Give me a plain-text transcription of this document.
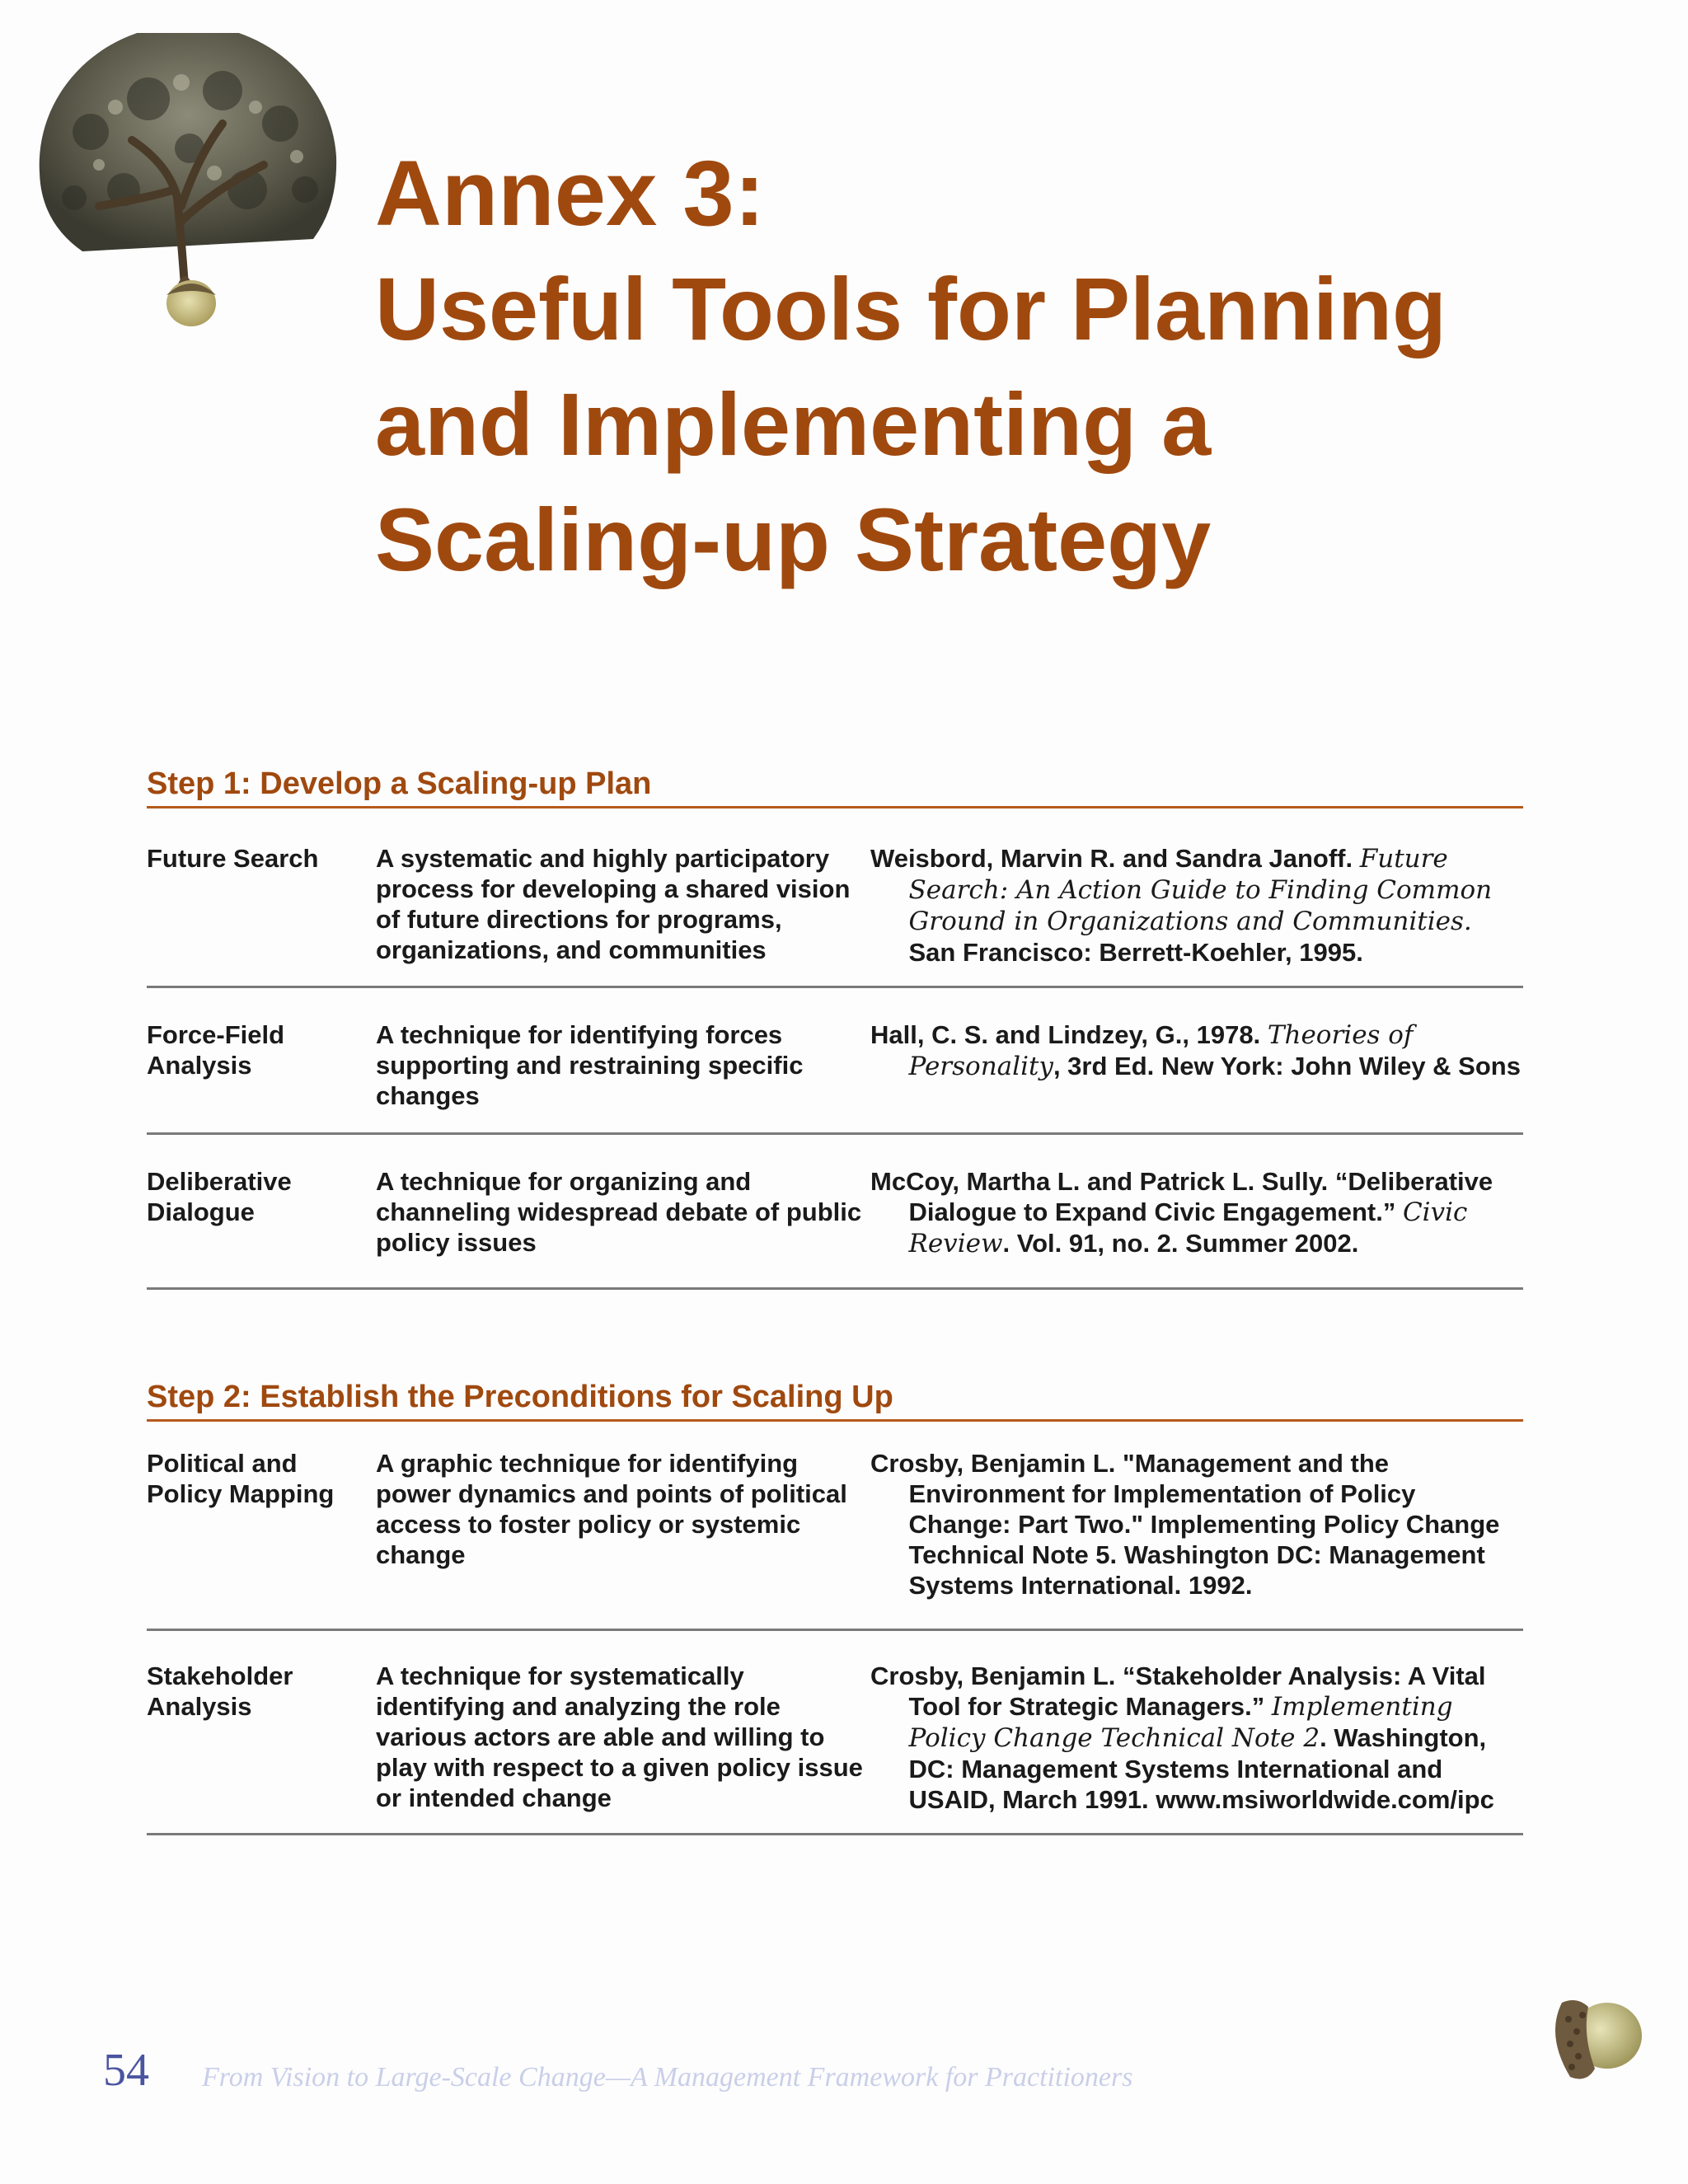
Annex 3:
Useful Tools for Planning
and Implementing a
Scaling-up Strategy
Step 1: Develop a Scaling-up Plan
Future Search	A systematic and highly participatory process for developing a shared vision of future directions for programs, organizations, and communities
Weisbord, Marvin R. and Sandra Janoff. Future Search: An Action Guide to Finding Common Ground in Organizations and Communities. San Francisco: Berrett-Koehler, 1995.
Force-Field Analysis
A technique for identifying forces supporting and restraining specific changes
Hall, C. S. and Lindzey, G., 1978. Theories of Personality, 3rd Ed. New York: John Wiley & Sons
Deliberative Dialogue
A technique for organizing and channeling widespread debate of public policy issues
McCoy, Martha L. and Patrick L. Sully. “Deliberative Dialogue to Expand Civic Engagement.” Civic Review. Vol. 91, no. 2. Summer 2002.
Step 2: Establish the Preconditions for Scaling Up
Political and Policy Mapping
A graphic technique for identifying power dynamics and points of political access to foster policy or systemic change
Crosby, Benjamin L. "Management and the Environment for Implementation of Policy Change: Part Two." Implementing Policy Change Technical Note 5. Washington DC: Management Systems International. 1992.
Stakeholder Analysis
A technique for systematically identifying and analyzing the role various actors are able and willing to play with respect to a given policy issue or intended change
Crosby, Benjamin L. “Stakeholder Analysis: A Vital Tool for Strategic Managers.” Implementing Policy Change Technical Note 2. Washington, DC: Management Systems International and USAID, March 1991. www.msiworldwide.com/ipc
54 From Vision to Large-Scale Change—A Management Framework for Practitioners
